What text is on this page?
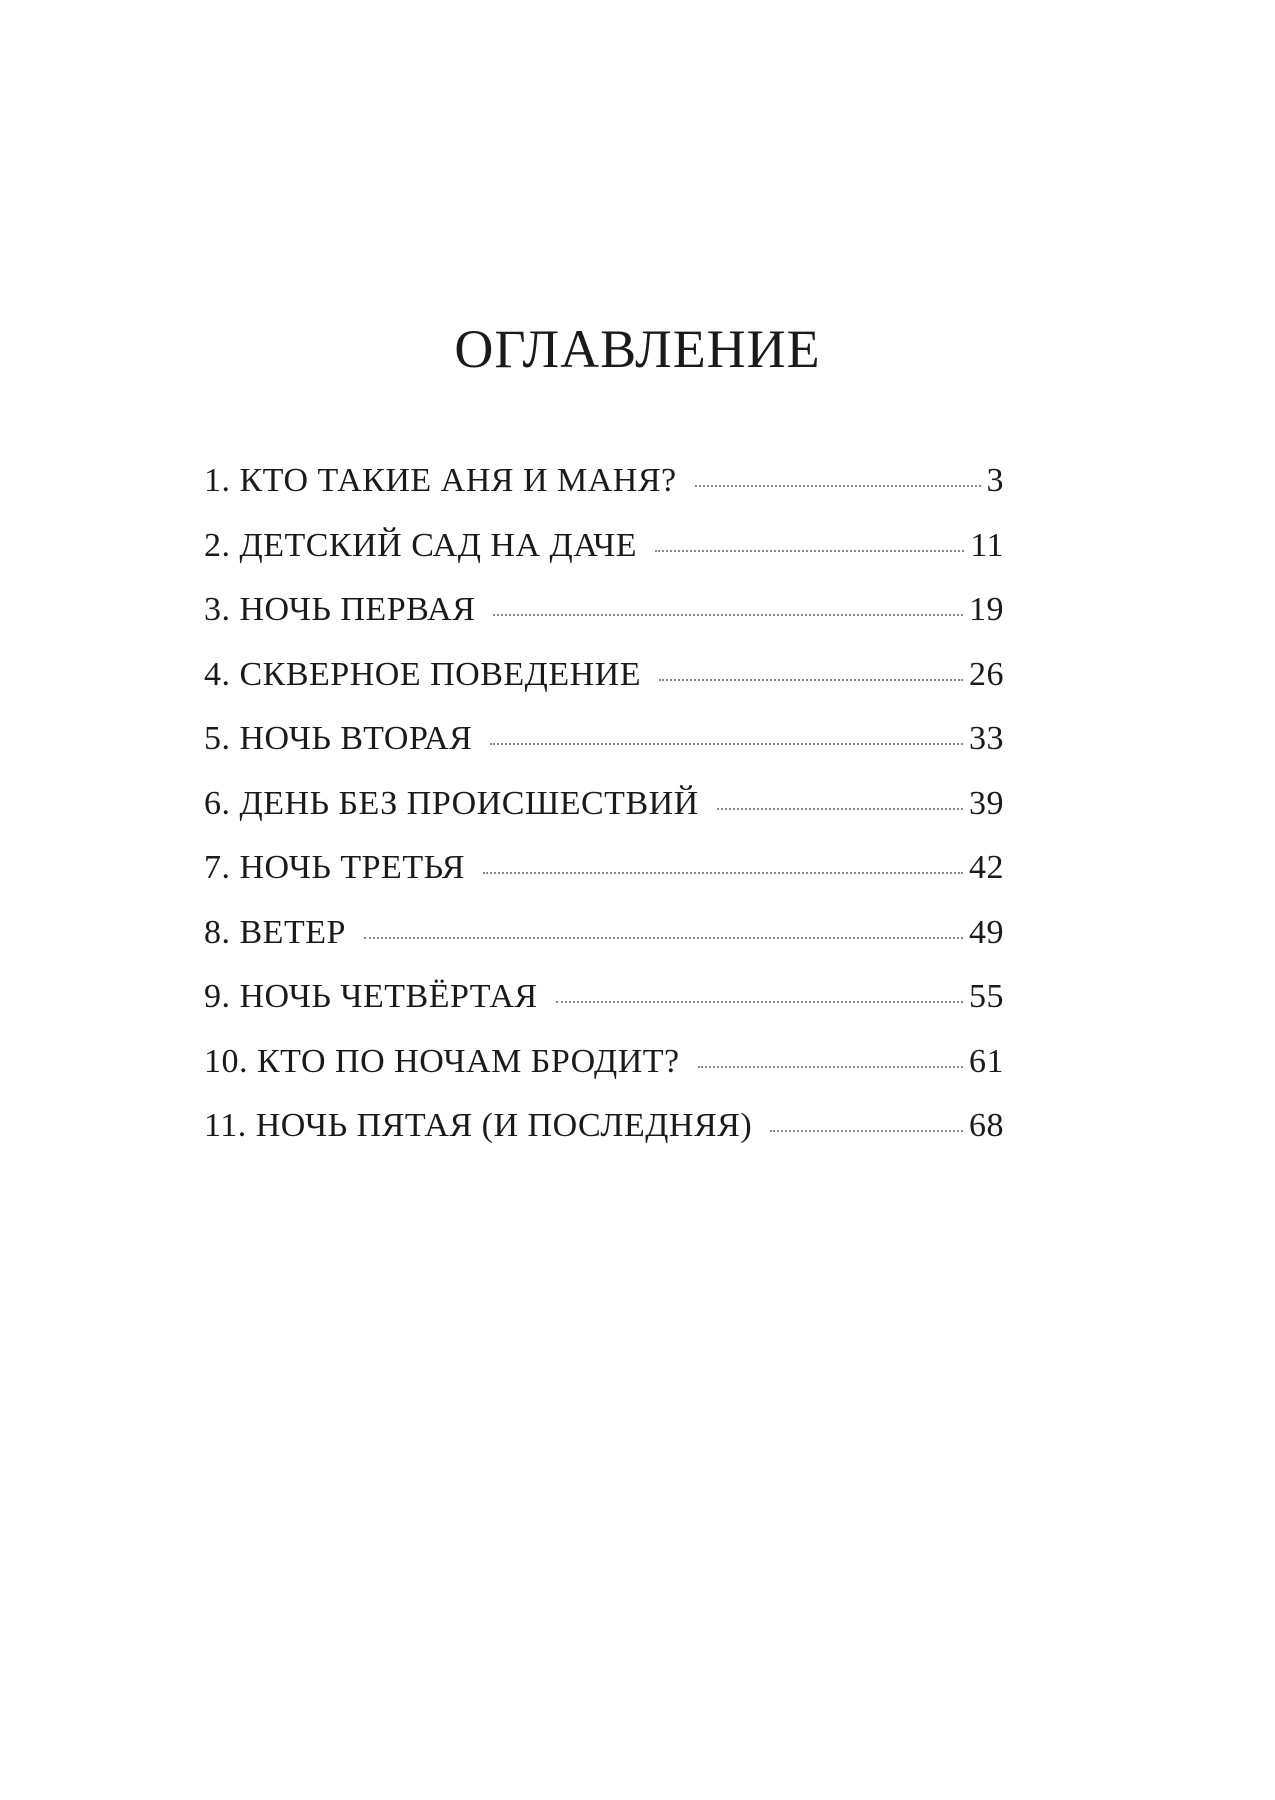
ОГЛАВЛЕНИЕ
1. КТО ТАКИЕ АНЯ И МАНЯ?	3
2. ДЕТСКИЙ САД НА ДАЧЕ	11
3. НОЧЬ ПЕРВАЯ	19
4. СКВЕРНОЕ ПОВЕДЕНИЕ	26
5. НОЧЬ ВТОРАЯ	33
6. ДЕНЬ БЕЗ ПРОИСШЕСТВИЙ	39
7. НОЧЬ ТРЕТЬЯ	42
8. ВЕТЕР	49
9. НОЧЬ ЧЕТВЁРТАЯ	55
10. КТО ПО НОЧАМ БРОДИТ?	61
11. НОЧЬ ПЯТАЯ (И ПОСЛЕДНЯЯ)	68
